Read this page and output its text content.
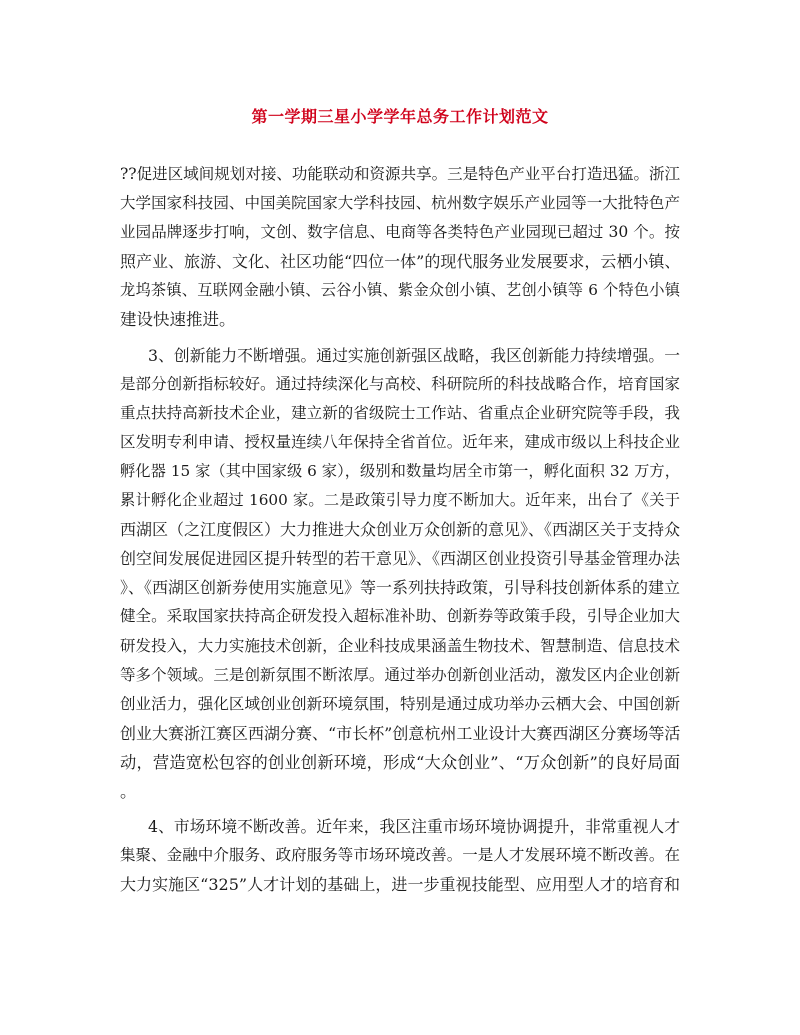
第一学期三星小学学年总务工作计划范文
??促进区域间规划对接、功能联动和资源共享。三是特色产业平台打造迅猛。浙江
大学国家科技园、中国美院国家大学科技园、杭州数字娱乐产业园等一大批特色产
业园品牌逐步打响，文创、数字信息、电商等各类特色产业园现已超过 30 个。按
照产业、旅游、文化、社区功能“四位一体”的现代服务业发展要求，云栖小镇、
龙坞茶镇、互联网金融小镇、云谷小镇、紫金众创小镇、艺创小镇等 6 个特色小镇
建设快速推进。
3、创新能力不断增强。通过实施创新强区战略，我区创新能力持续增强。一
是部分创新指标较好。通过持续深化与高校、科研院所的科技战略合作，培育国家
重点扶持高新技术企业，建立新的省级院士工作站、省重点企业研究院等手段，我
区发明专利申请、授权量连续八年保持全省首位。近年来，建成市级以上科技企业
孵化器 15 家（其中国家级 6 家），级别和数量均居全市第一，孵化面积 32 万方，
累计孵化企业超过 1600 家。二是政策引导力度不断加大。近年来，出台了《关于
西湖区（之江度假区）大力推进大众创业万众创新的意见》、《西湖区关于支持众
创空间发展促进园区提升转型的若干意见》、《西湖区创业投资引导基金管理办法
》、《西湖区创新券使用实施意见》等一系列扶持政策，引导科技创新体系的建立
健全。采取国家扶持高企研发投入超标准补助、创新券等政策手段，引导企业加大
研发投入，大力实施技术创新，企业科技成果涵盖生物技术、智慧制造、信息技术
等多个领域。三是创新氛围不断浓厚。通过举办创新创业活动，激发区内企业创新
创业活力，强化区域创业创新环境氛围，特别是通过成功举办云栖大会、中国创新
创业大赛浙江赛区西湖分赛、“市长杯”创意杭州工业设计大赛西湖区分赛场等活
动，营造宽松包容的创业创新环境，形成“大众创业”、“万众创新”的良好局面
。
4、市场环境不断改善。近年来，我区注重市场环境协调提升，非常重视人才
集聚、金融中介服务、政府服务等市场环境改善。一是人才发展环境不断改善。在
大力实施区“325”人才计划的基础上，进一步重视技能型、应用型人才的培育和
